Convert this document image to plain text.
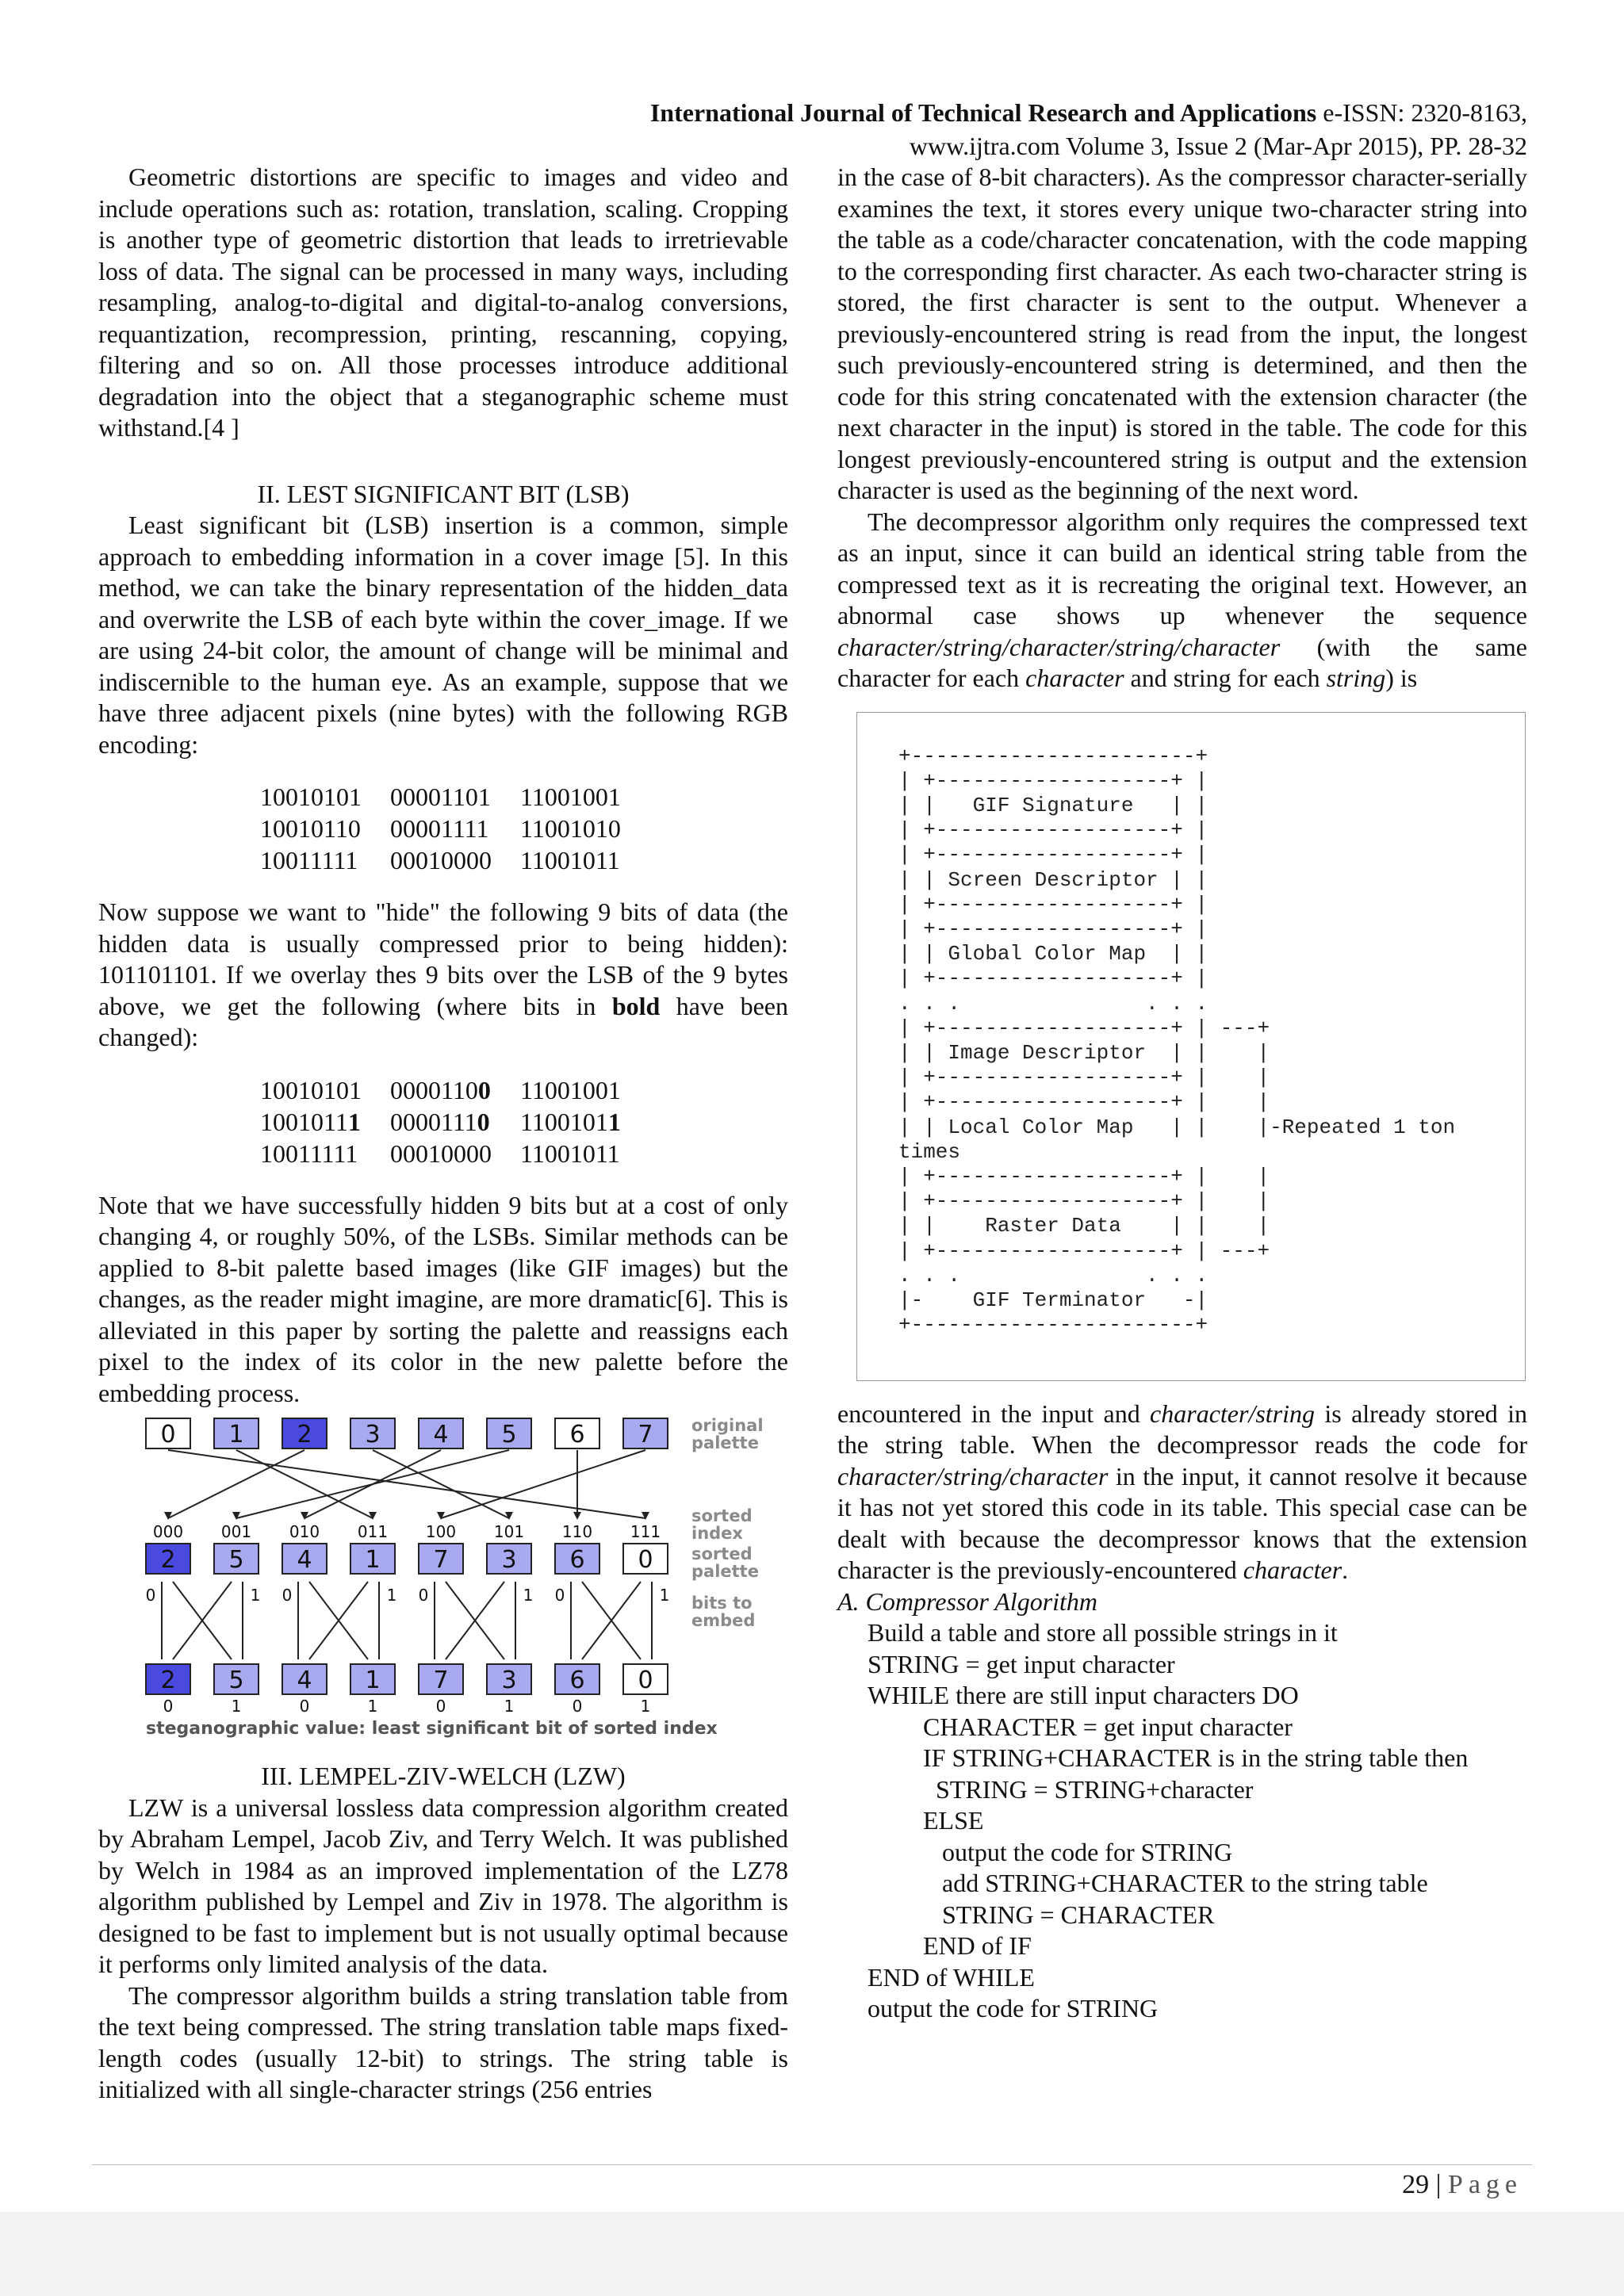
International Journal of Technical Research and Applications e-ISSN: 2320-8163,
www.ijtra.com Volume 3, Issue 2 (Mar-Apr 2015), PP. 28-32

Geometric distortions are specific to images and video and include operations such as: rotation, translation, scaling. Cropping is another type of geometric distortion that leads to irretrievable loss of data. The signal can be processed in many ways, including resampling, analog-to-digital and digital-to-analog conversions, requantization, recompression, printing, rescanning, copying, filtering and so on. All those processes introduce additional degradation into the object that a steganographic scheme must withstand.[4 ]

II. LEST SIGNIFICANT BIT (LSB)

Least significant bit (LSB) insertion is a common, simple approach to embedding information in a cover image [5]. In this method, we can take the binary representation of the hidden_data and overwrite the LSB of each byte within the cover_image. If we are using 24-bit color, the amount of change will be minimal and indiscernible to the human eye. As an example, suppose that we have three adjacent pixels (nine bytes) with the following RGB encoding:

10010101 00001101 11001001
10010110 00001111 11001010
10011111 00010000 11001011

Now suppose we want to "hide" the following 9 bits of data (the hidden data is usually compressed prior to being hidden): 101101101. If we overlay thes 9 bits over the LSB of the 9 bytes above, we get the following (where bits in bold have been changed):

10010101 00001100 11001001
10010111 00001110 11001011
10011111 00010000 11001011

Note that we have successfully hidden 9 bits but at a cost of only changing 4, or roughly 50%, of the LSBs. Similar methods can be applied to 8-bit palette based images (like GIF images) but the changes, as the reader might imagine, are more dramatic[6]. This is alleviated in this paper by sorting the palette and reassigns each pixel to the index of its color in the new palette before the embedding process.

0 1 2 3 4 5 6 7
000 001 010 011 100 101 110 111
2 5 4 1 7 3 6 0
0	1 0	1 0	1 0	1
2 5 4 1 7 3 6 0
0	1	0	1	0	1	0	1
original
palette
sorted
index
sorted
palette
bits to
embed
steganographic value: least significant bit of sorted index

III. LEMPEL-ZIV-WELCH (LZW)

LZW is a universal lossless data compression algorithm created by Abraham Lempel, Jacob Ziv, and Terry Welch. It was published by Welch in 1984 as an improved implementation of the LZ78 algorithm published by Lempel and Ziv in 1978. The algorithm is designed to be fast to implement but is not usually optimal because it performs only limited analysis of the data.

The compressor algorithm builds a string translation table from the text being compressed. The string translation table maps fixed-length codes (usually 12-bit) to strings. The string table is initialized with all single-character strings (256 entries

in the case of 8-bit characters). As the compressor character-serially examines the text, it stores every unique two-character string into the table as a code/character concatenation, with the code mapping to the corresponding first character. As each two-character string is stored, the first character is sent to the output. Whenever a previously-encountered string is read from the input, the longest such previously-encountered string is determined, and then the code for this string concatenated with the extension character (the next character in the input) is stored in the table. The code for this longest previously-encountered string is output and the extension character is used as the beginning of the next word.

The decompressor algorithm only requires the compressed text as an input, since it can build an identical string table from the compressed text as it is recreating the original text. However, an abnormal case shows up whenever the sequence character/string/character/string/character (with the same character for each character and string for each string) is

+-----------------------+
| +-------------------+ |
| |   GIF Signature   | |
| +-------------------+ |
| +-------------------+ |
| | Screen Descriptor | |
| +-------------------+ |
| +-------------------+ |
| | Global Color Map  | |
| +-------------------+ |
. . .               . . .
| +-------------------+ | ---+
| | Image Descriptor  | |    |
| +-------------------+ |    |
| +-------------------+ |    |
| | Local Color Map   | |    |-Repeated 1 ton
times
| +-------------------+ |    |
| +-------------------+ |    |
| |    Raster Data    | |    |
| +-------------------+ | ---+
. . .               . . .
|-    GIF Terminator   -|
+-----------------------+

encountered in the input and character/string is already stored in the string table. When the decompressor reads the code for character/string/character in the input, it cannot resolve it because it has not yet stored this code in its table. This special case can be dealt with because the decompressor knows that the extension character is the previously-encountered character.

A. Compressor Algorithm

Build a table and store all possible strings in it
STRING = get input character
WHILE there are still input characters DO
CHARACTER = get input character
IF STRING+CHARACTER is in the string table then
STRING = STRING+character
ELSE
output the code for STRING
add STRING+CHARACTER to the string table
STRING = CHARACTER
END of IF
END of WHILE
output the code for STRING
29 | Page
